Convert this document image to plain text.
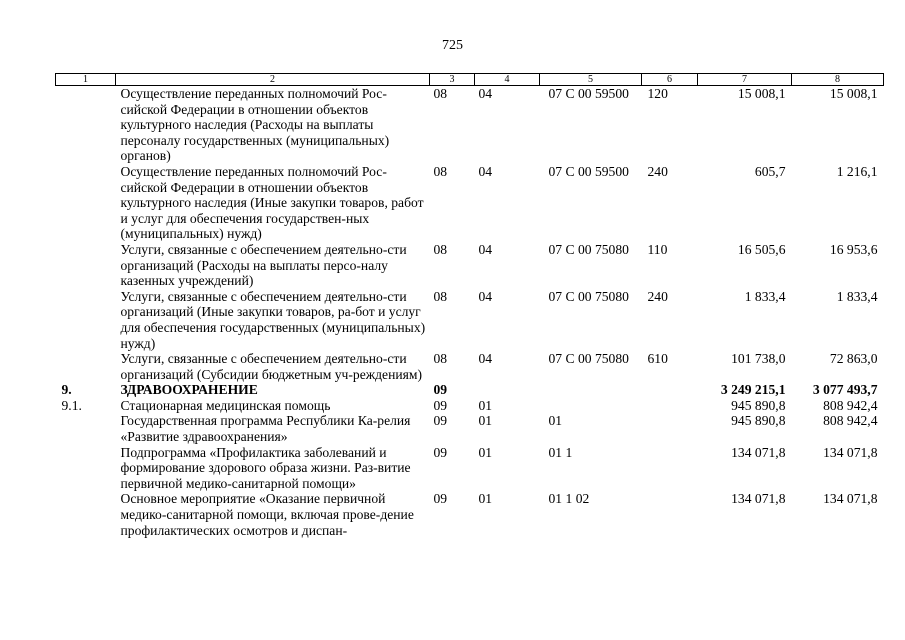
725
1	2	3	4	5	6	7	8
	Осуществление переданных полномочий Рос-сийской Федерации в отношении объектов культурного наследия (Расходы на выплаты персоналу государственных (муниципальных) органов)	08	04	07 С 00 59500	120	15 008,1	15 008,1
	Осуществление переданных полномочий Рос-сийской Федерации в отношении объектов культурного наследия (Иные закупки товаров, работ и услуг для обеспечения государствен-ных (муниципальных) нужд)	08	04	07 С 00 59500	240	605,7	1 216,1
	Услуги, связанные с обеспечением деятельно-сти организаций (Расходы на выплаты персо-налу казенных учреждений)	08	04	07 С 00 75080	110	16 505,6	16 953,6
	Услуги, связанные с обеспечением деятельно-сти организаций (Иные закупки товаров, ра-бот и услуг для обеспечения государственных (муниципальных) нужд)	08	04	07 С 00 75080	240	1 833,4	1 833,4
	Услуги, связанные с обеспечением деятельно-сти организаций (Субсидии бюджетным уч-реждениям)	08	04	07 С 00 75080	610	101 738,0	72 863,0
9.	ЗДРАВООХРАНЕНИЕ	09				3 249 215,1	3 077 493,7
9.1.	Стационарная медицинская помощь	09	01			945 890,8	808 942,4
	Государственная программа Республики Ка-релия «Развитие здравоохранения»	09	01	01		945 890,8	808 942,4
	Подпрограмма «Профилактика заболеваний и формирование здорового образа жизни. Раз-витие первичной медико-санитарной помощи»	09	01	01 1		134 071,8	134 071,8
	Основное мероприятие «Оказание первичной медико-санитарной помощи, включая прове-дение профилактических осмотров и диспан-	09	01	01 1 02		134 071,8	134 071,8
